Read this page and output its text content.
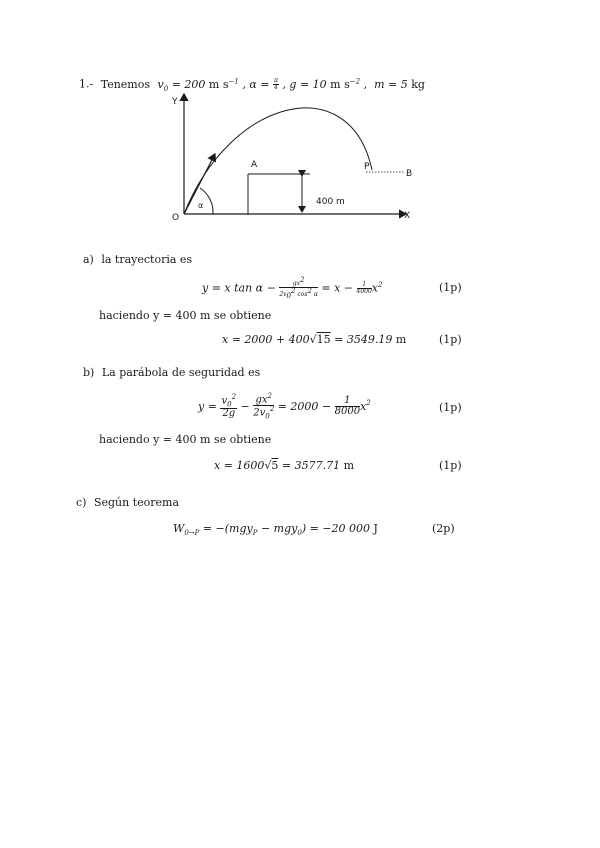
1.- Tenemos $v_0 = 200$ m $s^{-1}$ , $\alpha = \frac{\pi}{4}$ , g = 10 m $s^{-2}$ ,  m = 5 kg
Y
X
O
α
A	P
B
400 m
a) la trayectoria es
y = x $\tan \alpha - \frac{gx^2}{2v_0^2 \cos^2 \alpha} = x - \frac{1}{4000} x^2$	(1p)
haciendo y = 400 m se obtiene
x = 2000 + 400√15 = 3549.19 m	(1p)
b) La parábola de seguridad es
$y = \frac{v_0^2}{2g} - \frac{gx^2}{2v_0^2} = 2000 - \frac{1}{8000} x^2$	(1p)
haciendo y = 400 m se obtiene
x = 1600√5 = 3577.71 m	(1p)
c) Según teorema
$W_{0\to P} = -(mgy_P - mgy_0) = -20$ 000 J	(2p)
